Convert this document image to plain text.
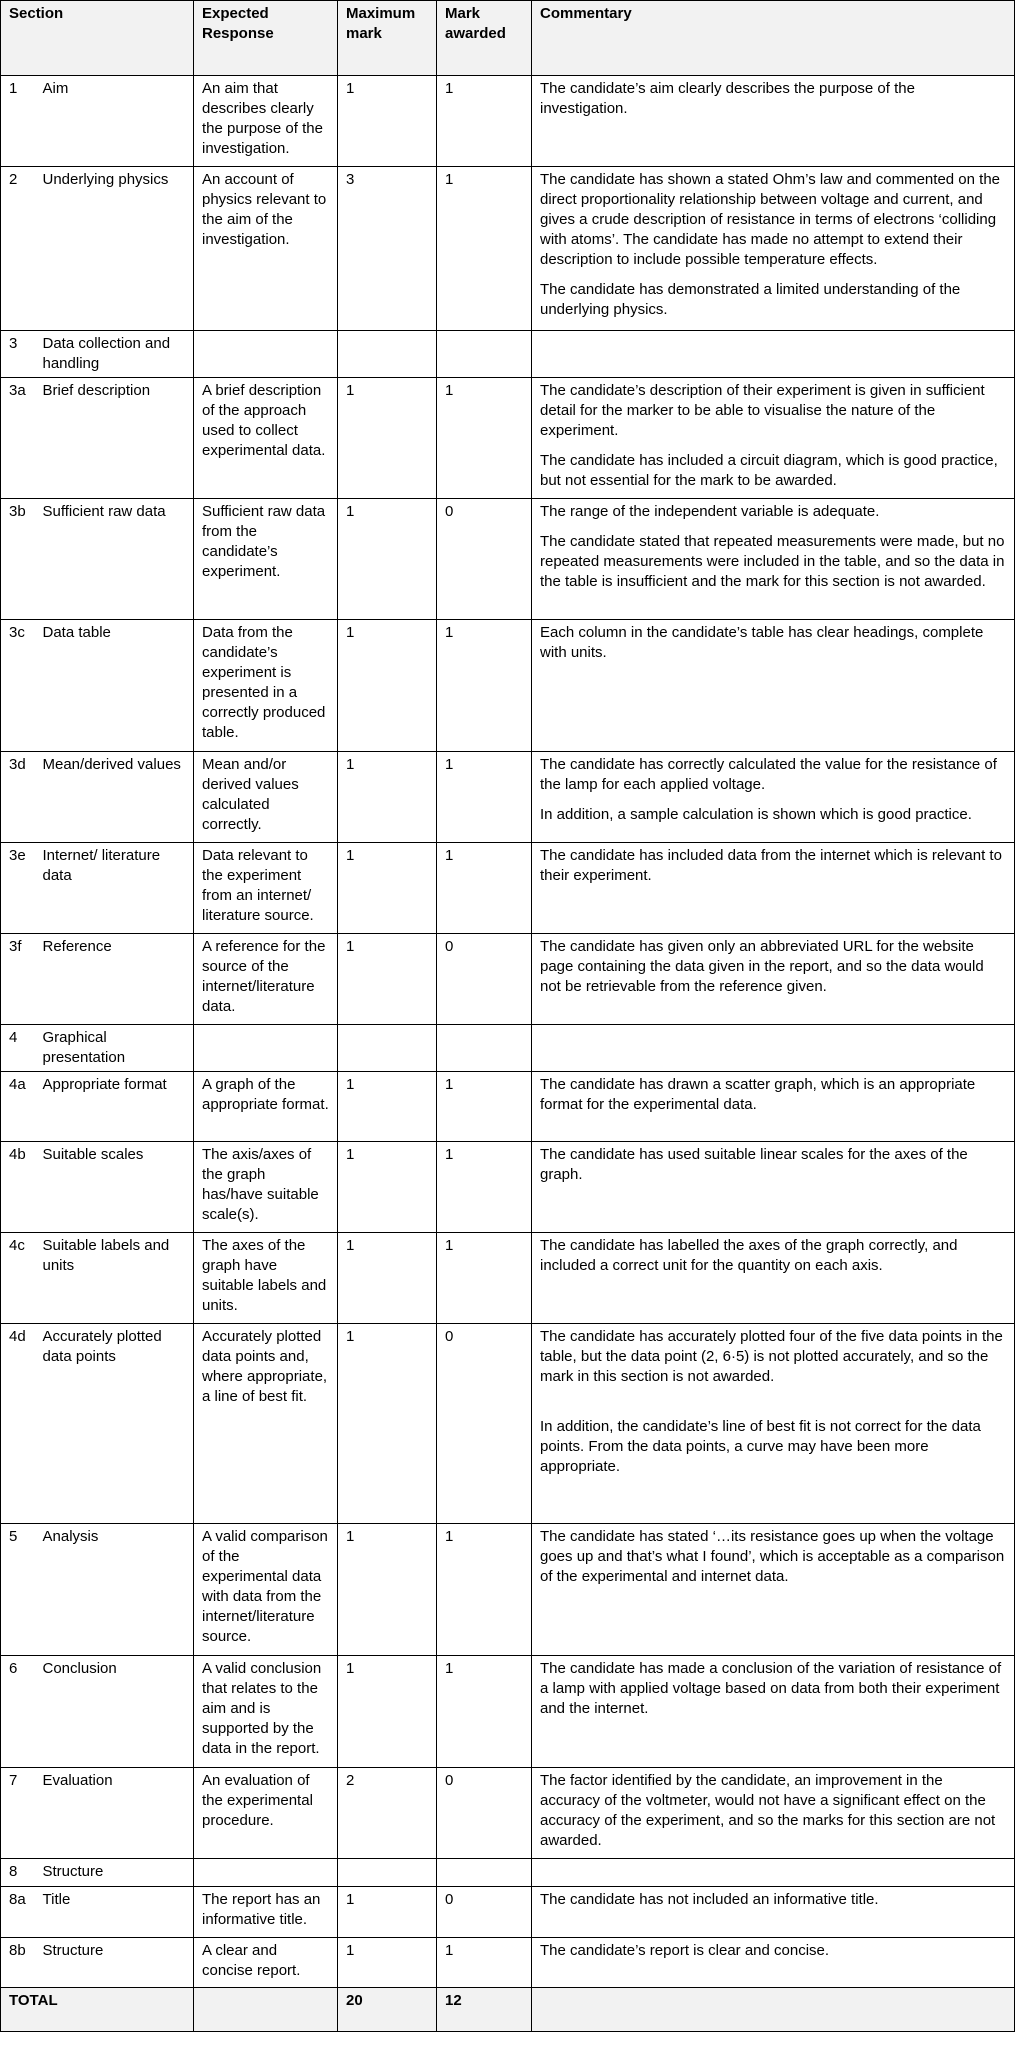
Section		Expected Response	Maximum mark	Mark awarded	Commentary
1	Aim	An aim that describes clearly the purpose of the investigation.	1	1	The candidate’s aim clearly describes the purpose of the investigation.

2	Underlying physics	An account of physics relevant to the aim of the investigation.	3	1	The candidate has shown a stated Ohm’s law and commented on the direct proportionality relationship between voltage and current, and gives a crude description of resistance in terms of electrons ‘colliding with atoms’. The candidate has made no attempt to extend their description to include possible temperature effects.

The candidate has demonstrated a limited understanding of the underlying physics.

3	Data collection and handling				
3a	Brief description	A brief description of the approach used to collect experimental data.	1	1	The candidate’s description of their experiment is given in sufficient detail for the marker to be able to visualise the nature of the experiment.

The candidate has included a circuit diagram, which is good practice, but not essential for the mark to be awarded.

3b	Sufficient raw data	Sufficient raw data from the candidate’s experiment.	1	0	The range of the independent variable is adequate.

The candidate stated that repeated measurements were made, but no repeated measurements were included in the table, and so the data in the table is insufficient and the mark for this section is not awarded.

3c	Data table	Data from the candidate’s experiment is presented in a correctly produced table.	1	1	Each column in the candidate’s table has clear headings, complete with units.

3d	Mean/derived values	Mean and/or derived values calculated correctly.	1	1	The candidate has correctly calculated the value for the resistance of the lamp for each applied voltage.

In addition, a sample calculation is shown which is good practice.

3e	Internet/ literature data	Data relevant to the experiment from an internet/ literature source.	1	1	The candidate has included data from the internet which is relevant to their experiment.

3f	Reference	A reference for the source of the internet/literature data.	1	0	The candidate has given only an abbreviated URL for the website page containing the data given in the report, and so the data would not be retrievable from the reference given.

4	Graphical presentation				
4a	Appropriate format	A graph of the appropriate format.	1	1	The candidate has drawn a scatter graph, which is an appropriate format for the experimental data.

4b	Suitable scales	The axis/axes of the graph has/have suitable scale(s).	1	1	The candidate has used suitable linear scales for the axes of the graph.

4c	Suitable labels and units	The axes of the graph have suitable labels and units.	1	1	The candidate has labelled the axes of the graph correctly, and included a correct unit for the quantity on each axis.

4d	Accurately plotted data points	Accurately plotted data points and, where appropriate, a line of best fit.	1	0	The candidate has accurately plotted four of the five data points in the table, but the data point (2, 6·5) is not plotted accurately, and so the mark in this section is not awarded.

In addition, the candidate’s line of best fit is not correct for the data points. From the data points, a curve may have been more appropriate.

5	Analysis	A valid comparison of the experimental data with data from the internet/literature source.	1	1	The candidate has stated ‘…its resistance goes up when the voltage goes up and that’s what I found’, which is acceptable as a comparison of the experimental and internet data.

6	Conclusion	A valid conclusion that relates to the aim and is supported by the data in the report.	1	1	The candidate has made a conclusion of the variation of resistance of a lamp with applied voltage based on data from both their experiment and the internet.

7	Evaluation	An evaluation of the experimental procedure.	2	0	The factor identified by the candidate, an improvement in the accuracy of the voltmeter, would not have a significant effect on the accuracy of the experiment, and so the marks for this section are not awarded.

8	Structure				
8a	Title	The report has an informative title.	1	0	The candidate has not included an informative title.

8b	Structure	A clear and concise report.	1	1	The candidate’s report is clear and concise.

TOTAL			20	12	
